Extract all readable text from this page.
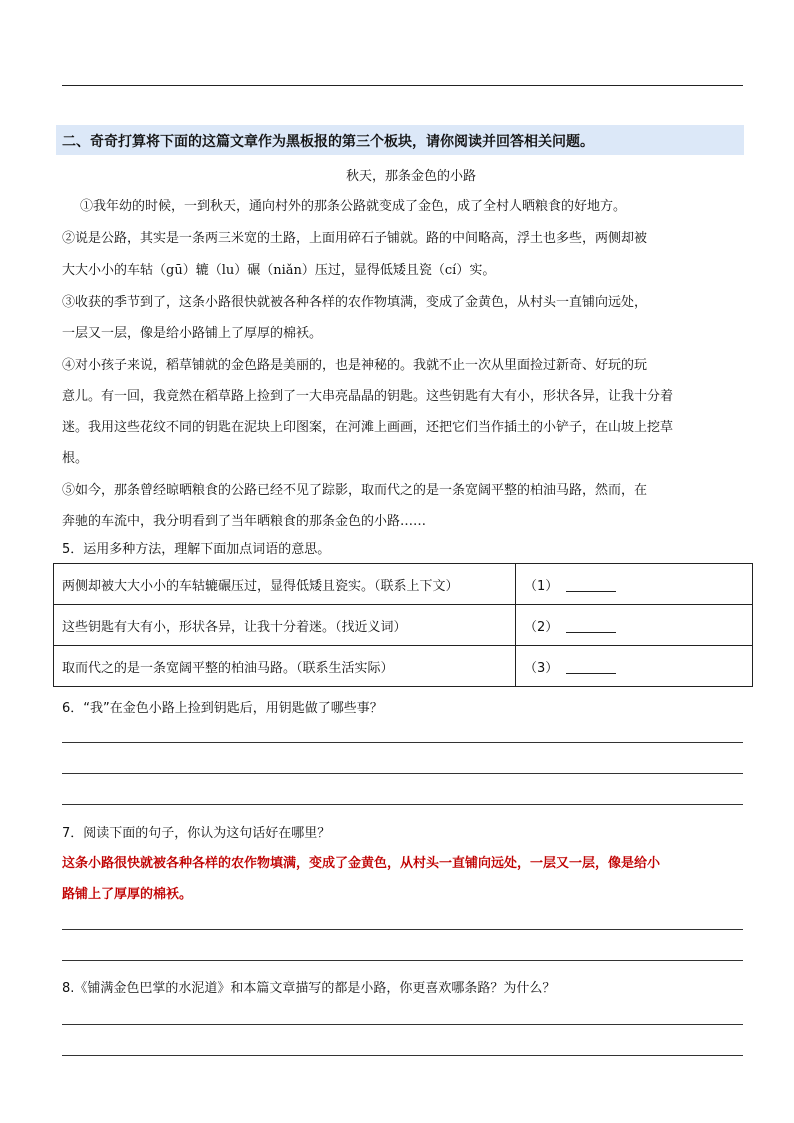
二、奇奇打算将下面的这篇文章作为黑板报的第三个板块，请你阅读并回答相关问题。
秋天，那条金色的小路
①我年幼的时候，一到秋天，通向村外的那条公路就变成了金色，成了全村人晒粮食的好地方。
②说是公路，其实是一条两三米宽的土路，上面用碎石子铺就。路的中间略高，浮土也多些，两侧却被
大大小小的车轱（gū）辘（lu）碾（niǎn）压过，显得低矮且瓷（cí）实。
③收获的季节到了，这条小路很快就被各种各样的农作物填满，变成了金黄色，从村头一直铺向远处，
一层又一层，像是给小路铺上了厚厚的棉袄。
④对小孩子来说，稻草铺就的金色路是美丽的，也是神秘的。我就不止一次从里面捡过新奇、好玩的玩
意儿。有一回，我竟然在稻草路上捡到了一大串亮晶晶的钥匙。这些钥匙有大有小，形状各异，让我十分着
迷。我用这些花纹不同的钥匙在泥块上印图案，在河滩上画画，还把它们当作插土的小铲子，在山坡上挖草
根。
⑤如今，那条曾经晾晒粮食的公路已经不见了踪影，取而代之的是一条宽阔平整的柏油马路，然而，在
奔驰的车流中，我分明看到了当年晒粮食的那条金色的小路……
5．运用多种方法，理解下面加点词语的意思。
两侧却被大大小小的车轱辘碾压过，显得低矮且瓷实。（联系上下文）	（1）
这些钥匙有大有小，形状各异，让我十分着迷。（找近义词）	（2）
取而代之的是一条宽阔平整的柏油马路。（联系生活实际）	（3）
6．“我”在金色小路上捡到钥匙后，用钥匙做了哪些事？
7．阅读下面的句子，你认为这句话好在哪里？
这条小路很快就被各种各样的农作物填满，变成了金黄色，从村头一直铺向远处，一层又一层，像是给小
路铺上了厚厚的棉袄。
8.《铺满金色巴掌的水泥道》和本篇文章描写的都是小路，你更喜欢哪条路？为什么？
